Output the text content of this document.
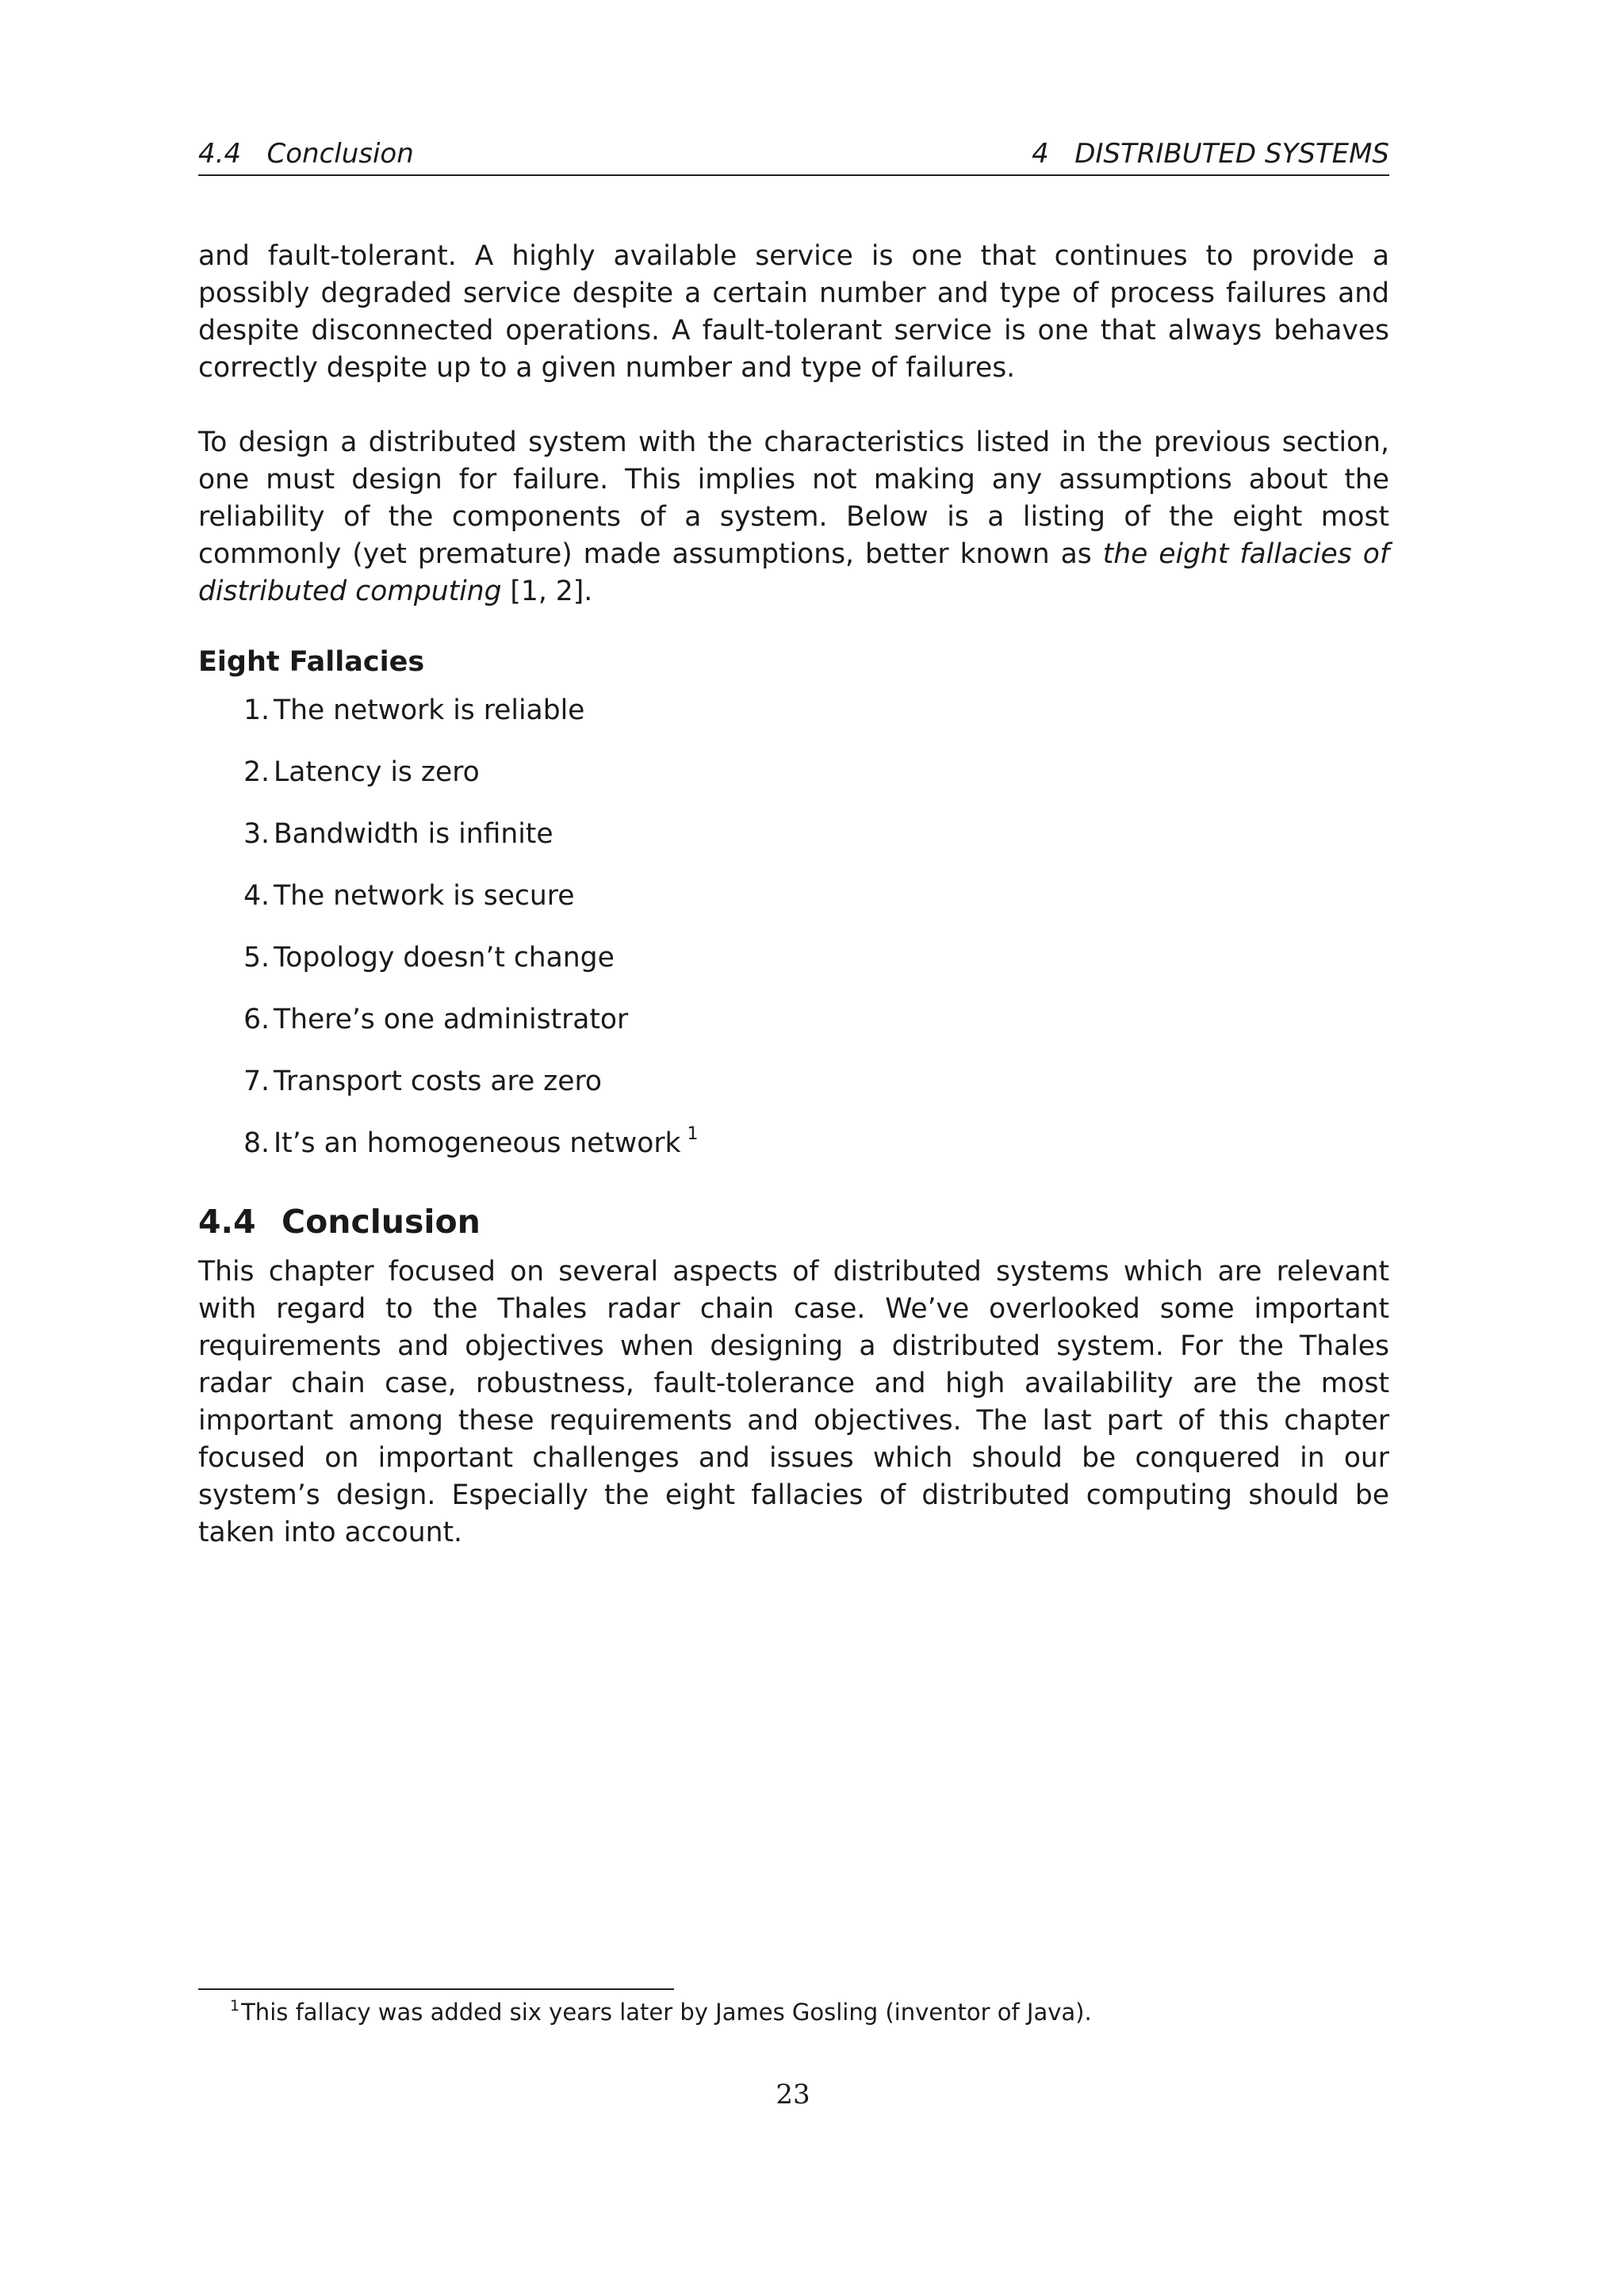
4.4   Conclusion	4   DISTRIBUTED SYSTEMS

and fault-tolerant. A highly available service is one that continues to provide a possibly degraded service despite a certain number and type of process failures and despite disconnected operations. A fault-tolerant service is one that always behaves correctly despite up to a given number and type of failures.

To design a distributed system with the characteristics listed in the previous section, one must design for failure. This implies not making any assumptions about the reliability of the components of a system. Below is a listing of the eight most commonly (yet premature) made assumptions, better known as the eight fallacies of distributed computing [1, 2].

Eight Fallacies
1. The network is reliable
2. Latency is zero
3. Bandwidth is infinite
4. The network is secure
5. Topology doesn’t change
6. There’s one administrator
7. Transport costs are zero
8. It’s an homogeneous network $^1$
4.4 Conclusion

This chapter focused on several aspects of distributed systems which are relevant with regard to the Thales radar chain case. We’ve overlooked some important requirements and objectives when designing a distributed system. For the Thales radar chain case, robustness, fault-tolerance and high availability are the most important among these requirements and objectives. The last part of this chapter focused on important challenges and issues which should be conquered in our system’s design. Especially the eight fallacies of distributed computing should be taken into account.

$^1$This fallacy was added six years later by James Gosling (inventor of Java).
23
